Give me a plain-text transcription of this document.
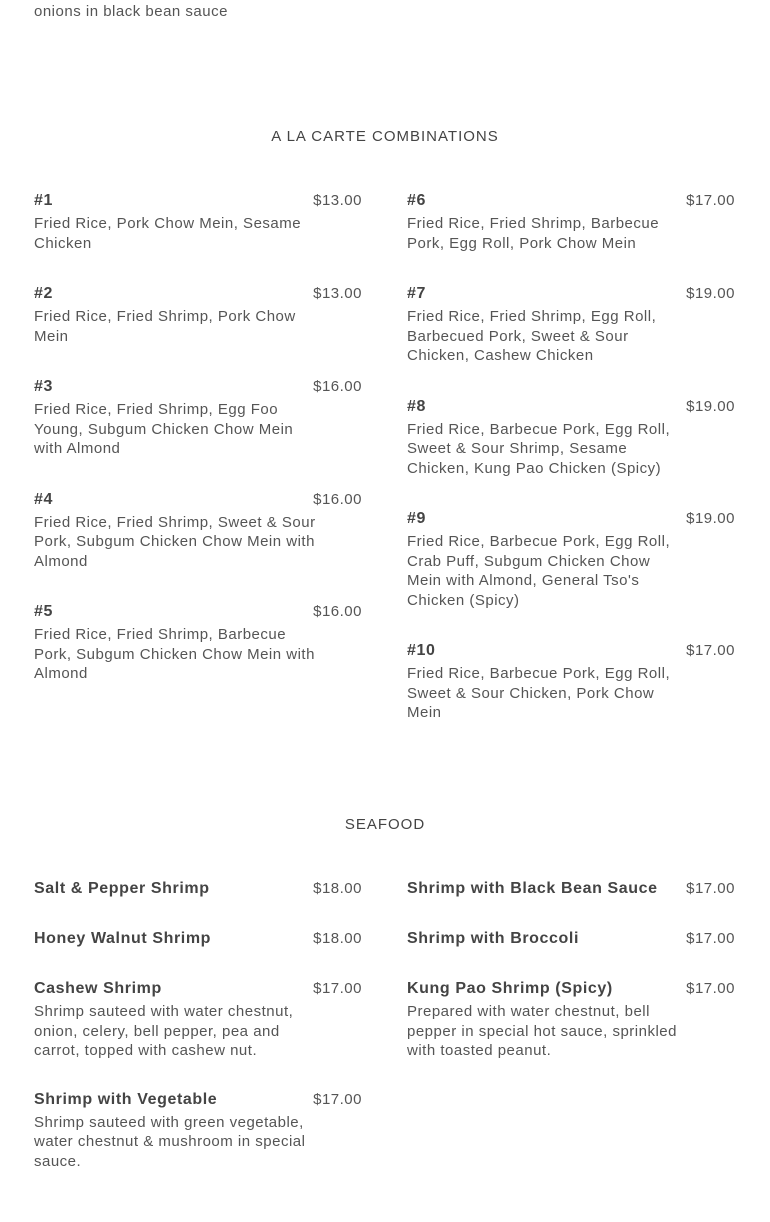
onions in black bean sauce
A LA CARTE COMBINATIONS
#1	$13.00
Fried Rice, Pork Chow Mein, Sesame Chicken
#2	$13.00
Fried Rice, Fried Shrimp, Pork Chow Mein
#3	$16.00
Fried Rice, Fried Shrimp, Egg Foo Young, Subgum Chicken Chow Mein with Almond
#4	$16.00
Fried Rice, Fried Shrimp, Sweet & Sour Pork, Subgum Chicken Chow Mein with Almond
#5	$16.00
Fried Rice, Fried Shrimp, Barbecue Pork, Subgum Chicken Chow Mein with Almond
#6	$17.00
Fried Rice, Fried Shrimp, Barbecue Pork, Egg Roll, Pork Chow Mein
#7	$19.00
Fried Rice, Fried Shrimp, Egg Roll, Barbecued Pork, Sweet & Sour Chicken, Cashew Chicken
#8	$19.00
Fried Rice, Barbecue Pork, Egg Roll, Sweet & Sour Shrimp, Sesame Chicken, Kung Pao Chicken (Spicy)
#9	$19.00
Fried Rice, Barbecue Pork, Egg Roll, Crab Puff, Subgum Chicken Chow Mein with Almond, General Tso's Chicken (Spicy)
#10	$17.00
Fried Rice, Barbecue Pork, Egg Roll, Sweet & Sour Chicken, Pork Chow Mein
SEAFOOD
Salt & Pepper Shrimp	$18.00
Honey Walnut Shrimp	$18.00
Cashew Shrimp	$17.00
Shrimp sauteed with water chestnut, onion, celery, bell pepper, pea and carrot, topped with cashew nut.
Shrimp with Vegetable	$17.00
Shrimp sauteed with green vegetable, water chestnut & mushroom in special sauce.
Shrimp with Black Bean Sauce	$17.00
Shrimp with Broccoli	$17.00
Kung Pao Shrimp (Spicy)	$17.00
Prepared with water chestnut, bell pepper in special hot sauce, sprinkled with toasted peanut.
